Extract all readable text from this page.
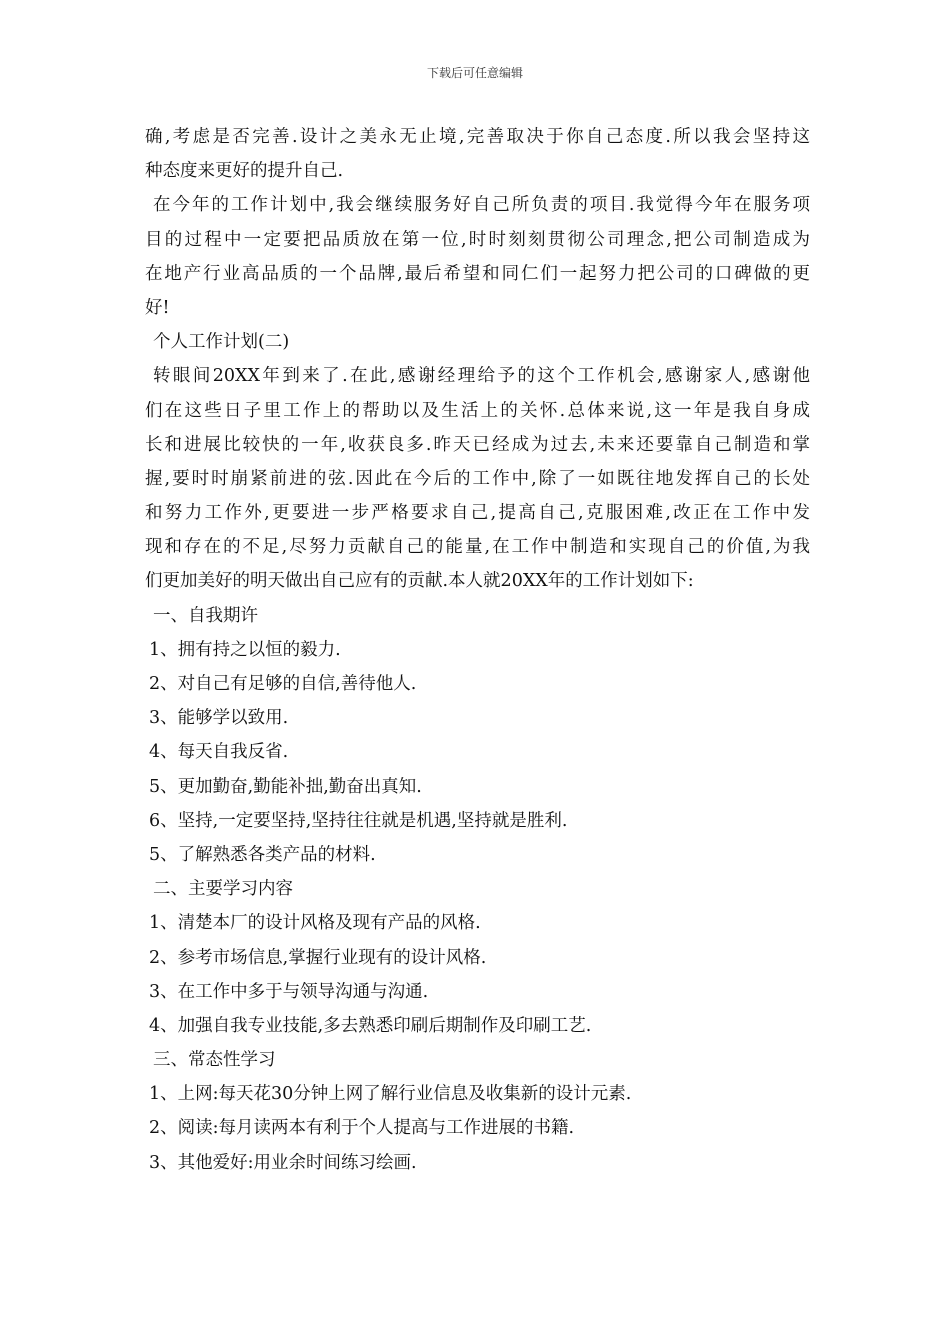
下载后可任意编辑
确,考虑是否完善.设计之美永无止境,完善取决于你自己态度.所以我会坚持这
种态度来更好的提升自己.
在今年的工作计划中,我会继续服务好自己所负责的项目.我觉得今年在服务项
目的过程中一定要把品质放在第一位,时时刻刻贯彻公司理念,把公司制造成为
在地产行业高品质的一个品牌,最后希望和同仁们一起努力把公司的口碑做的更
好!
个人工作计划(二)
转眼间20XX年到来了.在此,感谢经理给予的这个工作机会,感谢家人,感谢他
们在这些日子里工作上的帮助以及生活上的关怀.总体来说,这一年是我自身成
长和进展比较快的一年,收获良多.昨天已经成为过去,未来还要靠自己制造和掌
握,要时时崩紧前进的弦.因此在今后的工作中,除了一如既往地发挥自己的长处
和努力工作外,更要进一步严格要求自己,提高自己,克服困难,改正在工作中发
现和存在的不足,尽努力贡献自己的能量,在工作中制造和实现自己的价值,为我
们更加美好的明天做出自己应有的贡献.本人就20XX年的工作计划如下:
一、自我期许
1、拥有持之以恒的毅力.
2、对自己有足够的自信,善待他人.
3、能够学以致用.
4、每天自我反省.
5、更加勤奋,勤能补拙,勤奋出真知.
6、坚持,一定要坚持,坚持往往就是机遇,坚持就是胜利.
5、了解熟悉各类产品的材料.
二、主要学习内容
1、清楚本厂的设计风格及现有产品的风格.
2、参考市场信息,掌握行业现有的设计风格.
3、在工作中多于与领导沟通与沟通.
4、加强自我专业技能,多去熟悉印刷后期制作及印刷工艺.
三、常态性学习
1、上网:每天花30分钟上网了解行业信息及收集新的设计元素.
2、阅读:每月读两本有利于个人提高与工作进展的书籍.
3、其他爱好:用业余时间练习绘画.
